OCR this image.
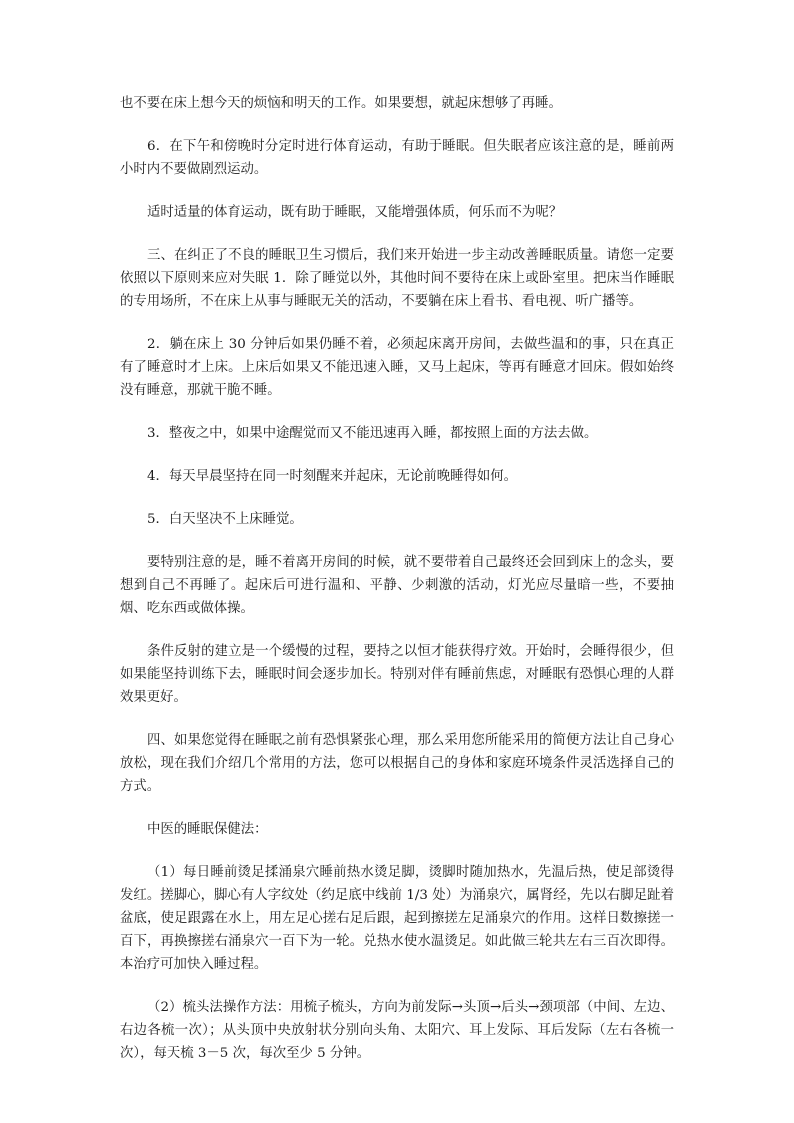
也不要在床上想今天的烦恼和明天的工作。如果要想，就起床想够了再睡。

6．在下午和傍晚时分定时进行体育运动，有助于睡眠。但失眠者应该注意的是，睡前两小时内不要做剧烈运动。

适时适量的体育运动，既有助于睡眠，又能增强体质，何乐而不为呢？

三、在纠正了不良的睡眠卫生习惯后，我们来开始进一步主动改善睡眠质量。请您一定要依照以下原则来应对失眠 1．除了睡觉以外，其他时间不要待在床上或卧室里。把床当作睡眠的专用场所，不在床上从事与睡眠无关的活动，不要躺在床上看书、看电视、听广播等。

2．躺在床上 30 分钟后如果仍睡不着，必须起床离开房间，去做些温和的事，只在真正有了睡意时才上床。上床后如果又不能迅速入睡，又马上起床，等再有睡意才回床。假如始终没有睡意，那就干脆不睡。

3．整夜之中，如果中途醒觉而又不能迅速再入睡，都按照上面的方法去做。

4．每天早晨坚持在同一时刻醒来并起床，无论前晚睡得如何。

5．白天坚决不上床睡觉。

要特别注意的是，睡不着离开房间的时候，就不要带着自己最终还会回到床上的念头，要想到自己不再睡了。起床后可进行温和、平静、少刺激的活动，灯光应尽量暗一些，不要抽烟、吃东西或做体操。

条件反射的建立是一个缓慢的过程，要持之以恒才能获得疗效。开始时，会睡得很少，但如果能坚持训练下去，睡眠时间会逐步加长。特别对伴有睡前焦虑，对睡眠有恐惧心理的人群效果更好。

四、如果您觉得在睡眠之前有恐惧紧张心理，那么采用您所能采用的简便方法让自己身心放松，现在我们介绍几个常用的方法，您可以根据自己的身体和家庭环境条件灵活选择自己的方式。

中医的睡眠保健法：

（1）每日睡前烫足揉涌泉穴睡前热水烫足脚，烫脚时随加热水，先温后热，使足部烫得发红。搓脚心，脚心有人字纹处（约足底中线前 1/3 处）为涌泉穴，属肾经，先以右脚足趾着盆底，使足跟露在水上，用左足心搓右足后跟，起到擦搓左足涌泉穴的作用。这样日数擦搓一百下，再换擦搓右涌泉穴一百下为一轮。兑热水使水温烫足。如此做三轮共左右三百次即得。本治疗可加快入睡过程。

（2）梳头法操作方法：用梳子梳头，方向为前发际→头顶→后头→颈项部（中间、左边、右边各梳一次）；从头顶中央放射状分别向头角、太阳穴、耳上发际、耳后发际（左右各梳一次），每天梳 3－5 次，每次至少 5 分钟。
